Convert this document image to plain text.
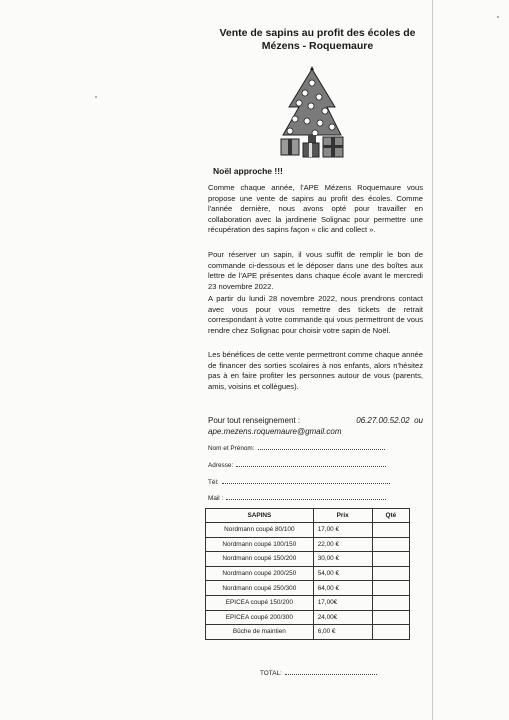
Vente de sapins au profit des écoles de Mézens - Roquemaure

Noël approche !!!

Comme chaque année, l'APE Mézens Roquemaure vous propose une vente de sapins au profit des écoles. Comme l'année dernière, nous avons opté pour travailler en collaboration avec la jardinerie Solignac pour permettre une récupération des sapins façon « clic and collect ».

Pour réserver un sapin, il vous suffit de remplir le bon de commande ci-dessous et le déposer dans une des boîtes aux lettre de l'APE présentes dans chaque école avant le mercredi 23 novembre 2022.

A partir du lundi 28 novembre 2022, nous prendrons contact avec vous pour vous remettre des tickets de retrait correspondant à votre commande qui vous permettront de vous rendre chez Solignac pour choisir votre sapin de Noël.

Les bénéfices de cette vente permettront comme chaque année de financer des sorties scolaires à nos enfants, alors n'hésitez pas à en faire profiter les personnes autour de vous (parents, amis, voisins et collègues).

Pour tout renseignement :	06.27.00.52.02 ou
ape.mezens.roquemaure@gmail.com
Nom et Prénom:
Adresse:
Tél:
Mail :
SAPINS	Prix	Qté
Nordmann coupé 80/100	17,00 €	
Nordmann coupé 100/150	22,00 €	
Nordmann coupé 150/200	30,00 €	
Nordmann coupé 200/250	54,00 €	
Nordmann coupé 250/300	64,00 €	
EPICEA coupé 150/200	17,00€	
EPICEA coupé 200/300	24,00€	
Bûche de maintien	6,00 €	
TOTAL:
